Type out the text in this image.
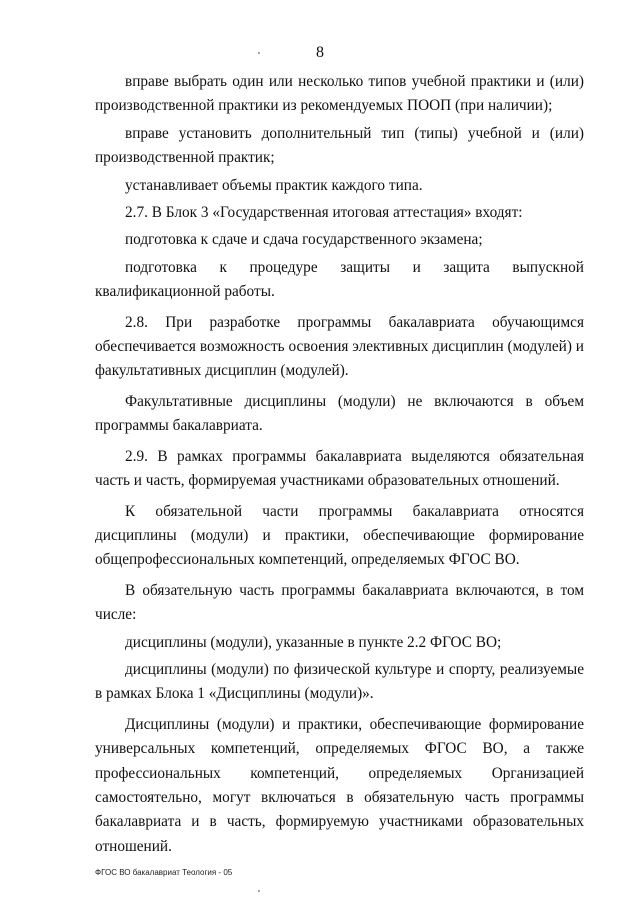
8

вправе выбрать один или несколько типов учебной практики и (или) производственной практики из рекомендуемых ПООП (при наличии);

вправе установить дополнительный тип (типы) учебной и (или) производственной практик;

устанавливает объемы практик каждого типа.

2.7. В Блок 3 «Государственная итоговая аттестация» входят:

подготовка к сдаче и сдача государственного экзамена;

подготовка к процедуре защиты и защита выпускной квалификационной работы.

2.8. При разработке программы бакалавриата обучающимся обеспечивается возможность освоения элективных дисциплин (модулей) и факультативных дисциплин (модулей).

Факультативные дисциплины (модули) не включаются в объем программы бакалавриата.

2.9. В рамках программы бакалавриата выделяются обязательная часть и часть, формируемая участниками образовательных отношений.

К обязательной части программы бакалавриата относятся дисциплины (модули) и практики, обеспечивающие формирование общепрофессиональных компетенций, определяемых ФГОС ВО.

В обязательную часть программы бакалавриата включаются, в том числе:

дисциплины (модули), указанные в пункте 2.2 ФГОС ВО;

дисциплины (модули) по физической культуре и спорту, реализуемые в рамках Блока 1 «Дисциплины (модули)».

Дисциплины (модули) и практики, обеспечивающие формирование универсальных компетенций, определяемых ФГОС ВО, а также профессиональных компетенций, определяемых Организацией самостоятельно, могут включаться в обязательную часть программы бакалавриата и в часть, формируемую участниками образовательных отношений.

ФГОС ВО бакалавриат Теология - 05
